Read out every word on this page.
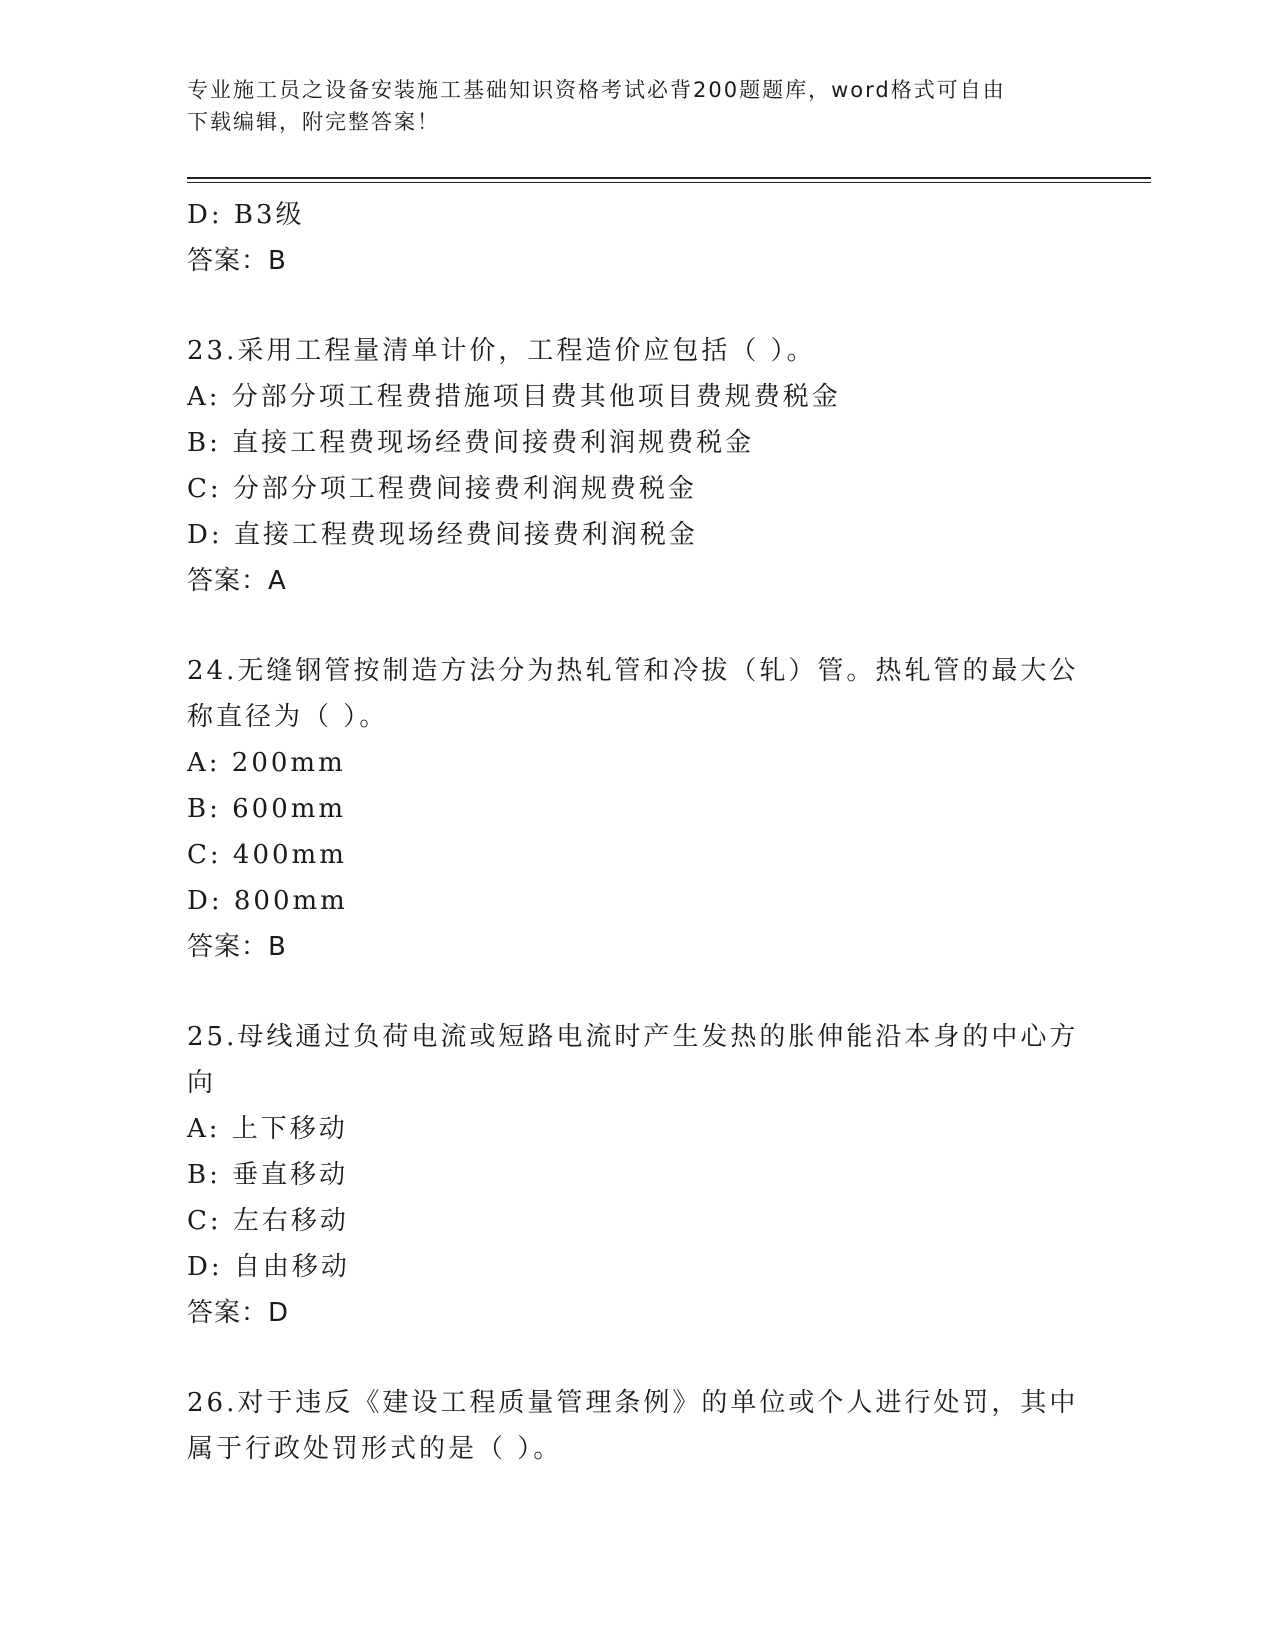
专业施工员之设备安装施工基础知识资格考试必背200题题库，word格式可自由
下载编辑，附完整答案！
D: B3级
答案：B
23.采用工程量清单计价，工程造价应包括（ ）。
A: 分部分项工程费措施项目费其他项目费规费税金
B: 直接工程费现场经费间接费利润规费税金
C: 分部分项工程费间接费利润规费税金
D: 直接工程费现场经费间接费利润税金
答案：A
24.无缝钢管按制造方法分为热轧管和冷拔（轧）管。热轧管的最大公
称直径为（ ）。
A: 200mm
B: 600mm
C: 400mm
D: 800mm
答案：B
25.母线通过负荷电流或短路电流时产生发热的胀伸能沿本身的中心方
向
A: 上下移动
B: 垂直移动
C: 左右移动
D: 自由移动
答案：D
26.对于违反《建设工程质量管理条例》的单位或个人进行处罚，其中
属于行政处罚形式的是（ ）。
